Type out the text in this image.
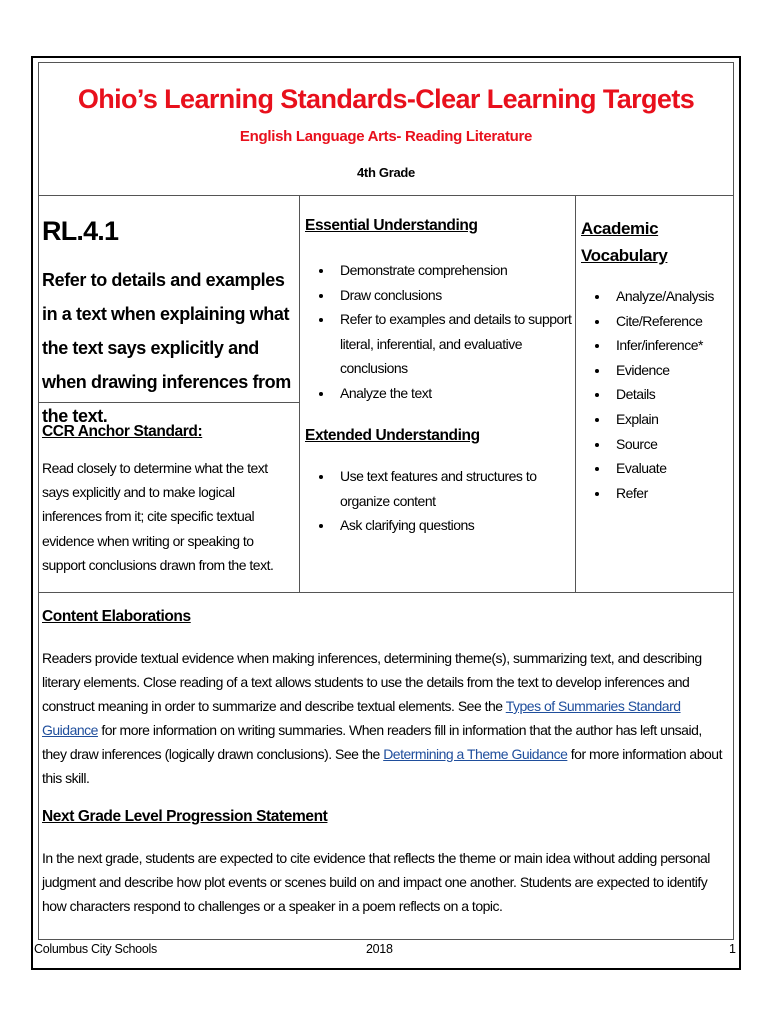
Ohio’s Learning Standards-Clear Learning Targets
English Language Arts- Reading Literature
4th Grade
RL.4.1
Refer to details and examples in a text when explaining what the text says explicitly and when drawing inferences from the text.
CCR Anchor Standard:
Read closely to determine what the text says explicitly and to make logical inferences from it; cite specific textual evidence when writing or speaking to support conclusions drawn from the text.
Essential Understanding
• Demonstrate comprehension
• Draw conclusions
• Refer to examples and details to support literal, inferential, and evaluative conclusions
• Analyze the text
Extended Understanding
• Use text features and structures to organize content
• Ask clarifying questions
Academic Vocabulary
• Analyze/Analysis
• Cite/Reference
• Infer/inference*
• Evidence
• Details
• Explain
• Source
• Evaluate
• Refer
Content Elaborations
Readers provide textual evidence when making inferences, determining theme(s), summarizing text, and describing literary elements. Close reading of a text allows students to use the details from the text to develop inferences and construct meaning in order to summarize and describe textual elements. See the Types of Summaries Standard Guidance for more information on writing summaries. When readers fill in information that the author has left unsaid, they draw inferences (logically drawn conclusions). See the Determining a Theme Guidance for more information about this skill.
Next Grade Level Progression Statement
In the next grade, students are expected to cite evidence that reflects the theme or main idea without adding personal judgment and describe how plot events or scenes build on and impact one another. Students are expected to identify how characters respond to challenges or a speaker in a poem reflects on a topic.
Columbus City Schools	2018	1
